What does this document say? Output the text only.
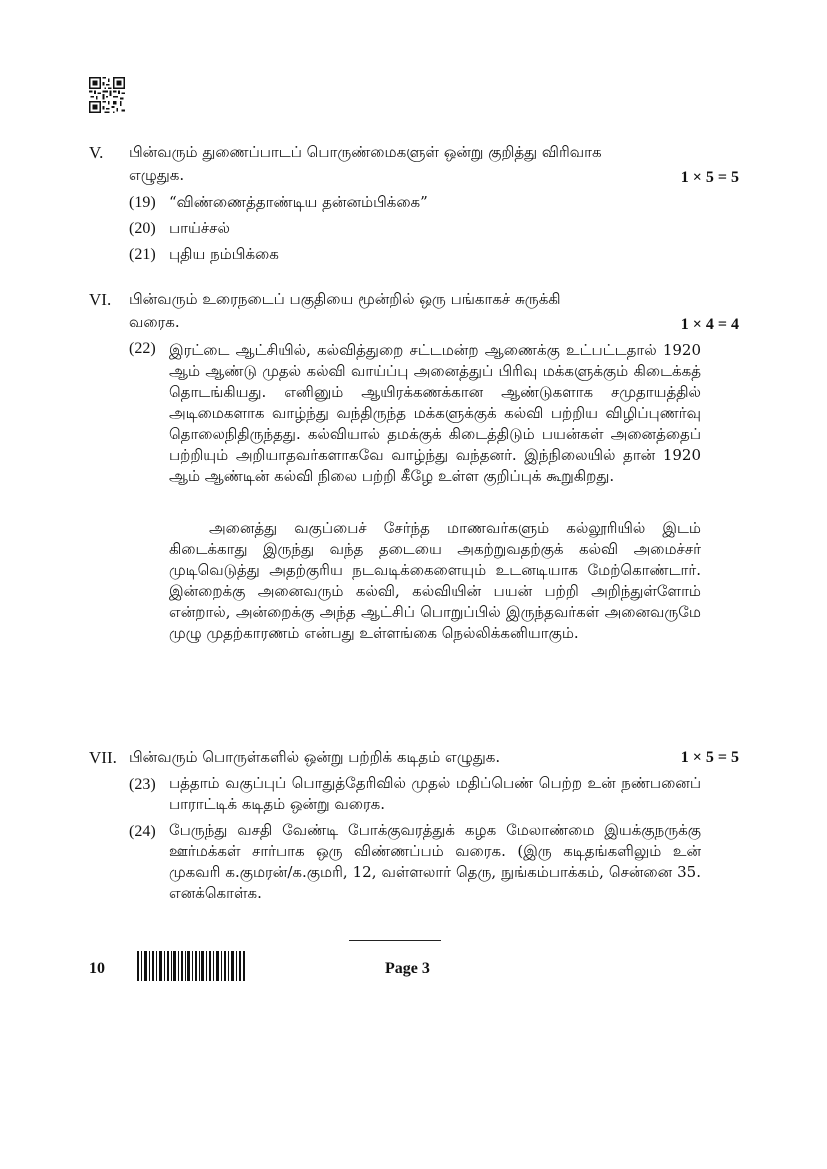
V. பின்வரும் துணைப்பாடப் பொருண்மைகளுள் ஒன்று குறித்து விரிவாக
எழுதுக.	1 × 5 = 5
(19) “விண்ணைத்தாண்டிய தன்னம்பிக்கை”
(20) பாய்ச்சல்
(21) புதிய நம்பிக்கை
VI. பின்வரும் உரைநடைப் பகுதியை மூன்றில் ஒரு பங்காகச் சுருக்கி
வரைக.	1 × 4 = 4
(22) இரட்டை ஆட்சியில், கல்வித்துறை சட்டமன்ற ஆணைக்கு உட்பட்டதால் 1920 ஆம் ஆண்டு முதல் கல்வி வாய்ப்பு அனைத்துப் பிரிவு மக்களுக்கும் கிடைக்கத் தொடங்கியது. எனினும் ஆயிரக்கணக்கான ஆண்டுகளாக சமுதாயத்தில் அடிமைகளாக வாழ்ந்து வந்திருந்த மக்களுக்குக் கல்வி பற்றிய விழிப்புணர்வு தொலைநிதிருந்தது. கல்வியால் தமக்குக் கிடைத்திடும் பயன்கள் அனைத்தைப் பற்றியும் அறியாதவர்களாகவே வாழ்ந்து வந்தனர். இந்நிலையில் தான் 1920 ஆம் ஆண்டின் கல்வி நிலை பற்றி கீழே உள்ள குறிப்புக் கூறுகிறது.
அனைத்து வகுப்பைச் சேர்ந்த மாணவர்களும் கல்லூரியில் இடம் கிடைக்காது இருந்து வந்த தடையை அகற்றுவதற்குக் கல்வி அமைச்சர் முடிவெடுத்து அதற்குரிய நடவடிக்கைளையும் உடனடியாக மேற்கொண்டார். இன்றைக்கு அனைவரும் கல்வி, கல்வியின் பயன் பற்றி அறிந்துள்ளோம் என்றால், அன்றைக்கு அந்த ஆட்சிப் பொறுப்பில் இருந்தவர்கள் அனைவருமே முழு முதற்காரணம் என்பது உள்ளங்கை நெல்லிக்கனியாகும்.
VII. பின்வரும் பொருள்களில் ஒன்று பற்றிக் கடிதம் எழுதுக.	1 × 5 = 5
(23) பத்தாம் வகுப்புப் பொதுத்தேரிவில் முதல் மதிப்பெண் பெற்ற உன் நண்பனைப் பாராட்டிக் கடிதம் ஒன்று வரைக.
(24) பேருந்து வசதி வேண்டி போக்குவரத்துக் கழக மேலாண்மை இயக்குநருக்கு ஊர்மக்கள் சார்பாக ஒரு விண்ணப்பம் வரைக. (இரு கடிதங்களிலும் உன் முகவரி க.குமரன்/க.குமரி, 12, வள்ளலார் தெரு, நுங்கம்பாக்கம், சென்னை 35. எனக்கொள்க.
10	Page 3
